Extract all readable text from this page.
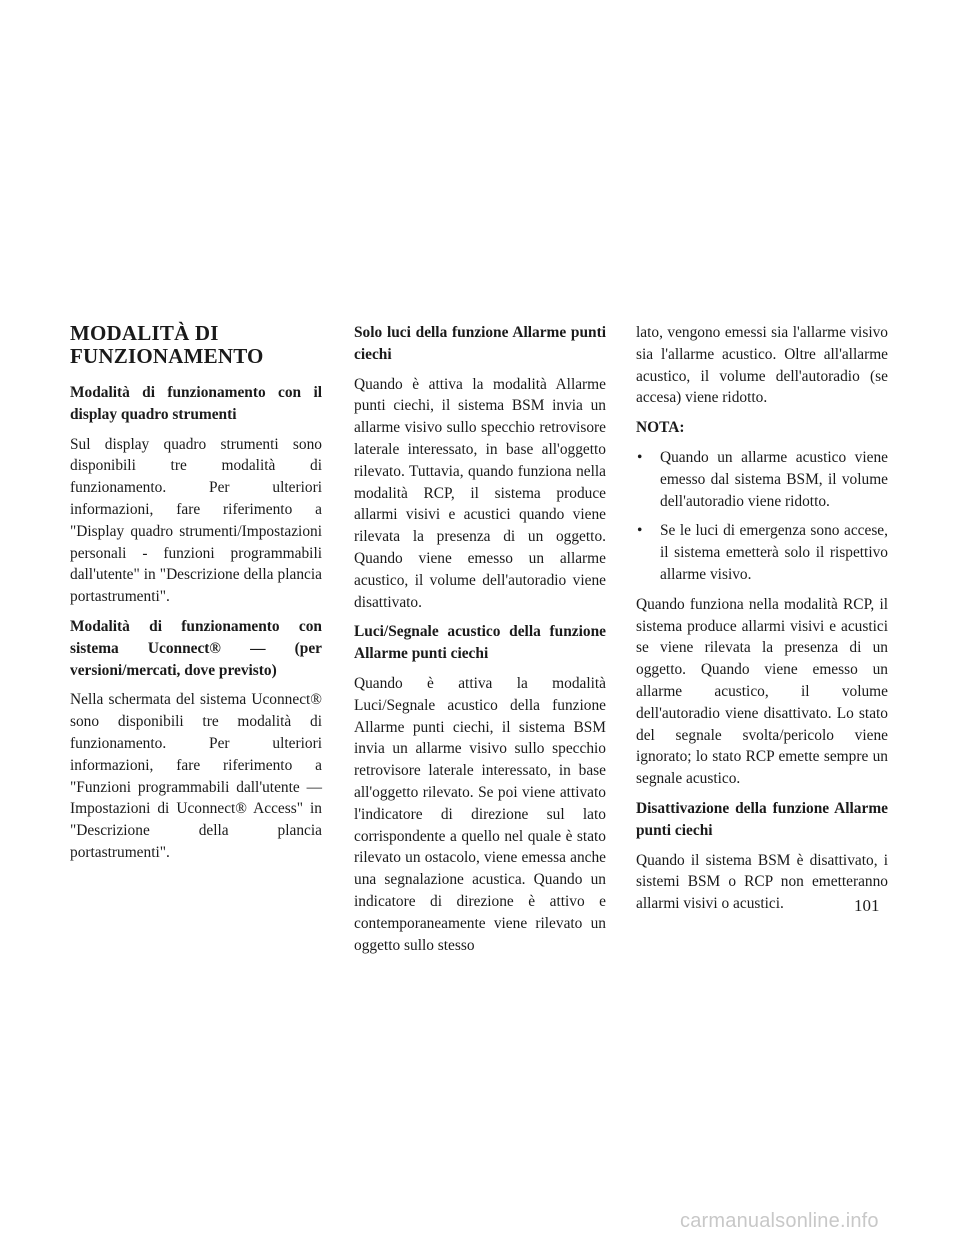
MODALITÀ DI FUNZIONAMENTO
Modalità di funzionamento con il display quadro strumenti
Sul display quadro strumenti sono disponibili tre modalità di funzionamento. Per ulteriori informazioni, fare riferimento a "Display quadro strumenti/Impostazioni personali - funzioni programmabili dall'utente" in "Descrizione della plancia portastrumenti".
Modalità di funzionamento con sistema Uconnect® — (per versioni/mercati, dove previsto)
Nella schermata del sistema Uconnect® sono disponibili tre modalità di funzionamento. Per ulteriori informazioni, fare riferimento a "Funzioni programmabili dall'utente — Impostazioni di Uconnect® Access" in "Descrizione della plancia portastrumenti".
Solo luci della funzione Allarme punti ciechi
Quando è attiva la modalità Allarme punti ciechi, il sistema BSM invia un allarme visivo sullo specchio retrovisore laterale interessato, in base all'oggetto rilevato. Tuttavia, quando funziona nella modalità RCP, il sistema produce allarmi visivi e acustici quando viene rilevata la presenza di un oggetto. Quando viene emesso un allarme acustico, il volume dell'autoradio viene disattivato.
Luci/Segnale acustico della funzione Allarme punti ciechi
Quando è attiva la modalità Luci/Segnale acustico della funzione Allarme punti ciechi, il sistema BSM invia un allarme visivo sullo specchio retrovisore laterale interessato, in base all'oggetto rilevato. Se poi viene attivato l'indicatore di direzione sul lato corrispondente a quello nel quale è stato rilevato un ostacolo, viene emessa anche una segnalazione acustica. Quando un indicatore di direzione è attivo e contemporaneamente viene rilevato un oggetto sullo stesso
lato, vengono emessi sia l'allarme visivo sia l'allarme acustico. Oltre all'allarme acustico, il volume dell'autoradio (se accesa) viene ridotto.
NOTA:
• Quando un allarme acustico viene emesso dal sistema BSM, il volume dell'autoradio viene ridotto.
• Se le luci di emergenza sono accese, il sistema emetterà solo il rispettivo allarme visivo.
Quando funziona nella modalità RCP, il sistema produce allarmi visivi e acustici se viene rilevata la presenza di un oggetto. Quando viene emesso un allarme acustico, il volume dell'autoradio viene disattivato. Lo stato del segnale svolta/pericolo viene ignorato; lo stato RCP emette sempre un segnale acustico.
Disattivazione della funzione Allarme punti ciechi
Quando il sistema BSM è disattivato, i sistemi BSM o RCP non emetteranno allarmi visivi o acustici.	101
carmanualsonline.info
